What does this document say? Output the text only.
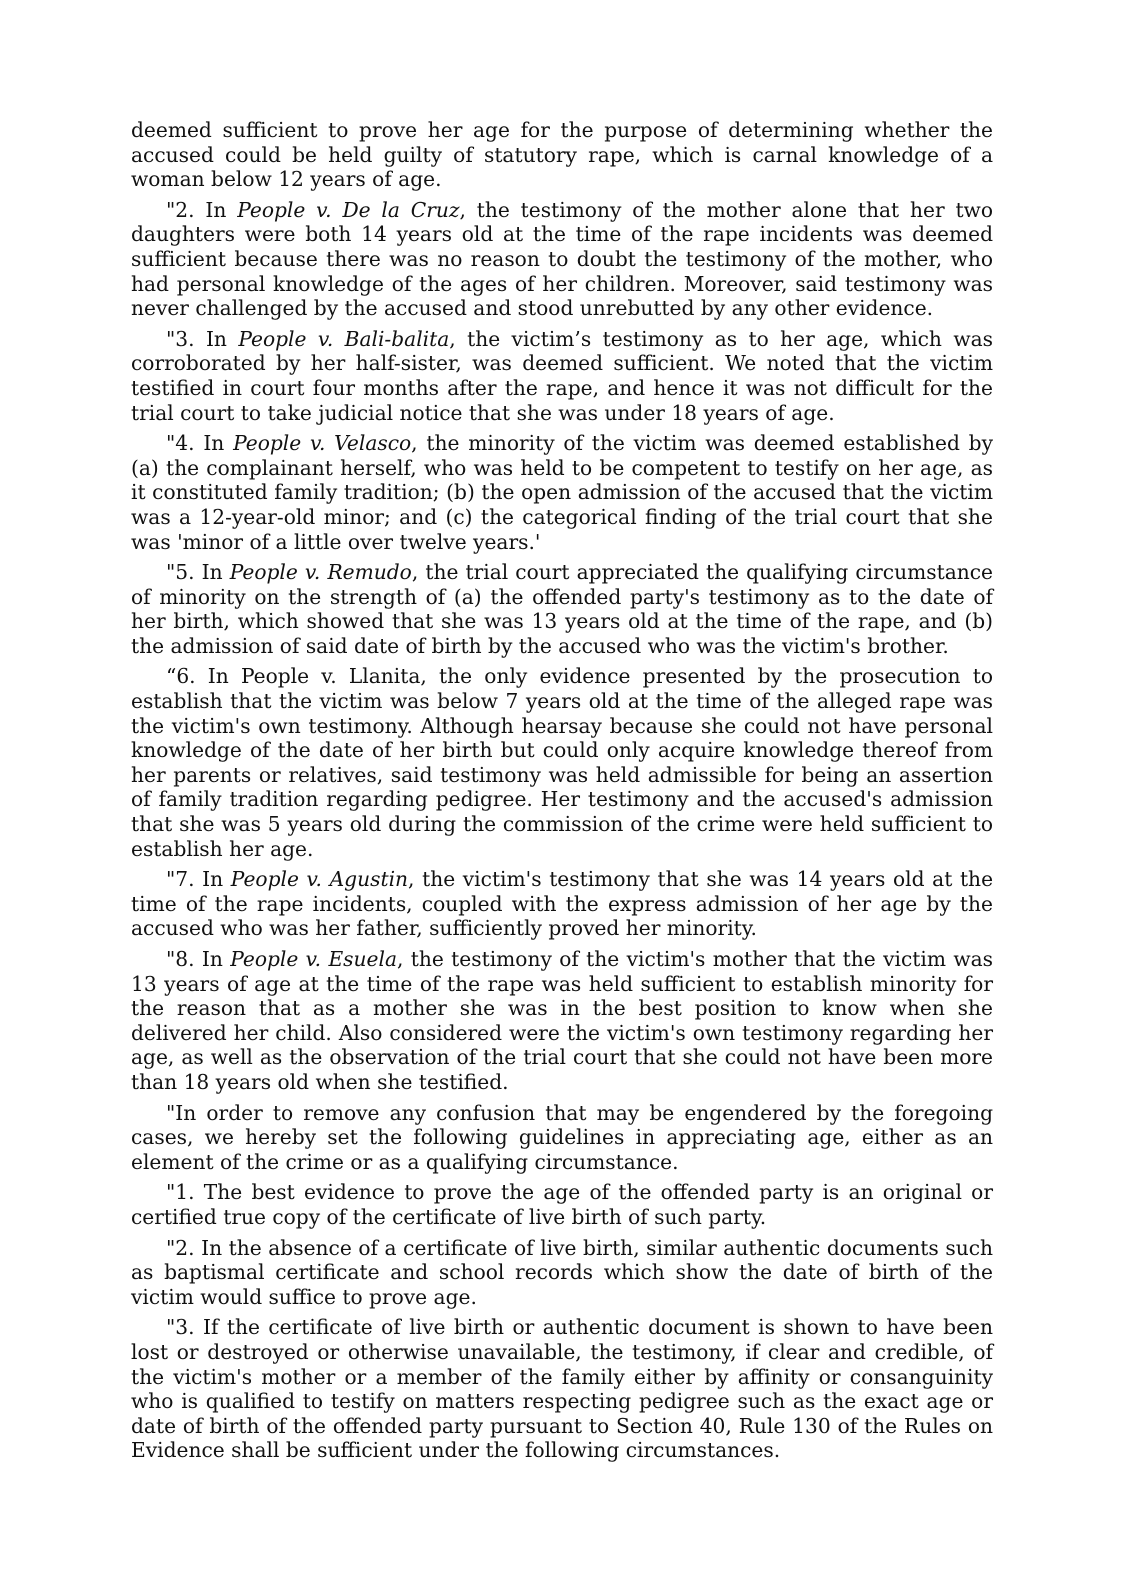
deemed sufficient to prove her age for the purpose of determining whether the accused could be held guilty of statutory rape, which is carnal knowledge of a woman below 12 years of age.

"2. In People v. De la Cruz, the testimony of the mother alone that her two daughters were both 14 years old at the time of the rape incidents was deemed sufficient because there was no reason to doubt the testimony of the mother, who had personal knowledge of the ages of her children. Moreover, said testimony was never challenged by the accused and stood unrebutted by any other evidence.

"3. In People v. Bali-balita, the victim’s testimony as to her age, which was corroborated by her half-sister, was deemed sufficient. We noted that the victim testified in court four months after the rape, and hence it was not difficult for the trial court to take judicial notice that she was under 18 years of age.

"4. In People v. Velasco, the minority of the victim was deemed established by (a) the complainant herself, who was held to be competent to testify on her age, as it constituted family tradition; (b) the open admission of the accused that the victim was a 12-year-old minor; and (c) the categorical finding of the trial court that she was 'minor of a little over twelve years.'

"5. In People v. Remudo, the trial court appreciated the qualifying circumstance of minority on the strength of (a) the offended party's testimony as to the date of her birth, which showed that she was 13 years old at the time of the rape, and (b) the admission of said date of birth by the accused who was the victim's brother.

“6. In People v. Llanita, the only evidence presented by the prosecution to establish that the victim was below 7 years old at the time of the alleged rape was the victim's own testimony. Although hearsay because she could not have personal knowledge of the date of her birth but could only acquire knowledge thereof from her parents or relatives, said testimony was held admissible for being an assertion of family tradition regarding pedigree. Her testimony and the accused's admission that she was 5 years old during the commission of the crime were held sufficient to establish her age.

"7. In People v. Agustin, the victim's testimony that she was 14 years old at the time of the rape incidents, coupled with the express admission of her age by the accused who was her father, sufficiently proved her minority.

"8. In People v. Esuela, the testimony of the victim's mother that the victim was 13 years of age at the time of the rape was held sufficient to establish minority for the reason that as a mother she was in the best position to know when she delivered her child. Also considered were the victim's own testimony regarding her age, as well as the observation of the trial court that she could not have been more than 18 years old when she testified.

"In order to remove any confusion that may be engendered by the foregoing cases, we hereby set the following guidelines in appreciating age, either as an element of the crime or as a qualifying circumstance.

"1. The best evidence to prove the age of the offended party is an original or certified true copy of the certificate of live birth of such party.

"2. In the absence of a certificate of live birth, similar authentic documents such as baptismal certificate and school records which show the date of birth of the victim would suffice to prove age.

"3. If the certificate of live birth or authentic document is shown to have been lost or destroyed or otherwise unavailable, the testimony, if clear and credible, of the victim's mother or a member of the family either by affinity or consanguinity who is qualified to testify on matters respecting pedigree such as the exact age or date of birth of the offended party pursuant to Section 40, Rule 130 of the Rules on Evidence shall be sufficient under the following circumstances.
